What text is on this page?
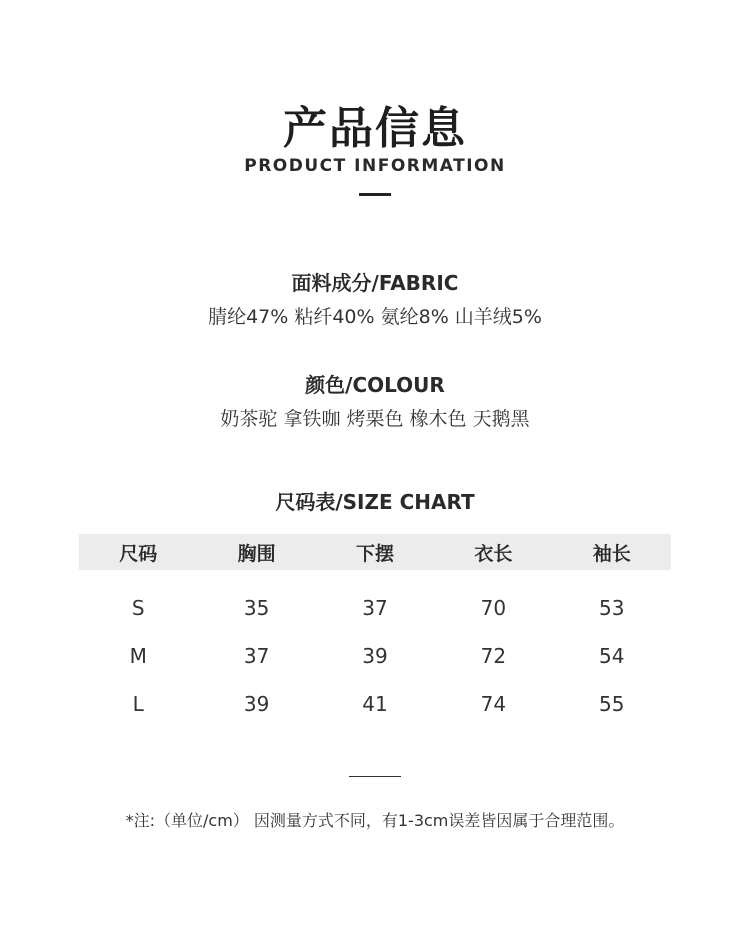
产品信息
PRODUCT INFORMATION
面料成分/FABRIC
腈纶47% 粘纤40% 氨纶8% 山羊绒5%
颜色/COLOUR
奶茶驼 拿铁咖 烤栗色 橡木色 天鹅黑
尺码表/SIZE CHART
尺码	胸围	下摆	衣长	袖长
S	35	37	70	53
M	37	39	72	54
L	39	41	74	55
*注:（单位/cm） 因测量方式不同，有1-3cm误差皆因属于合理范围。
